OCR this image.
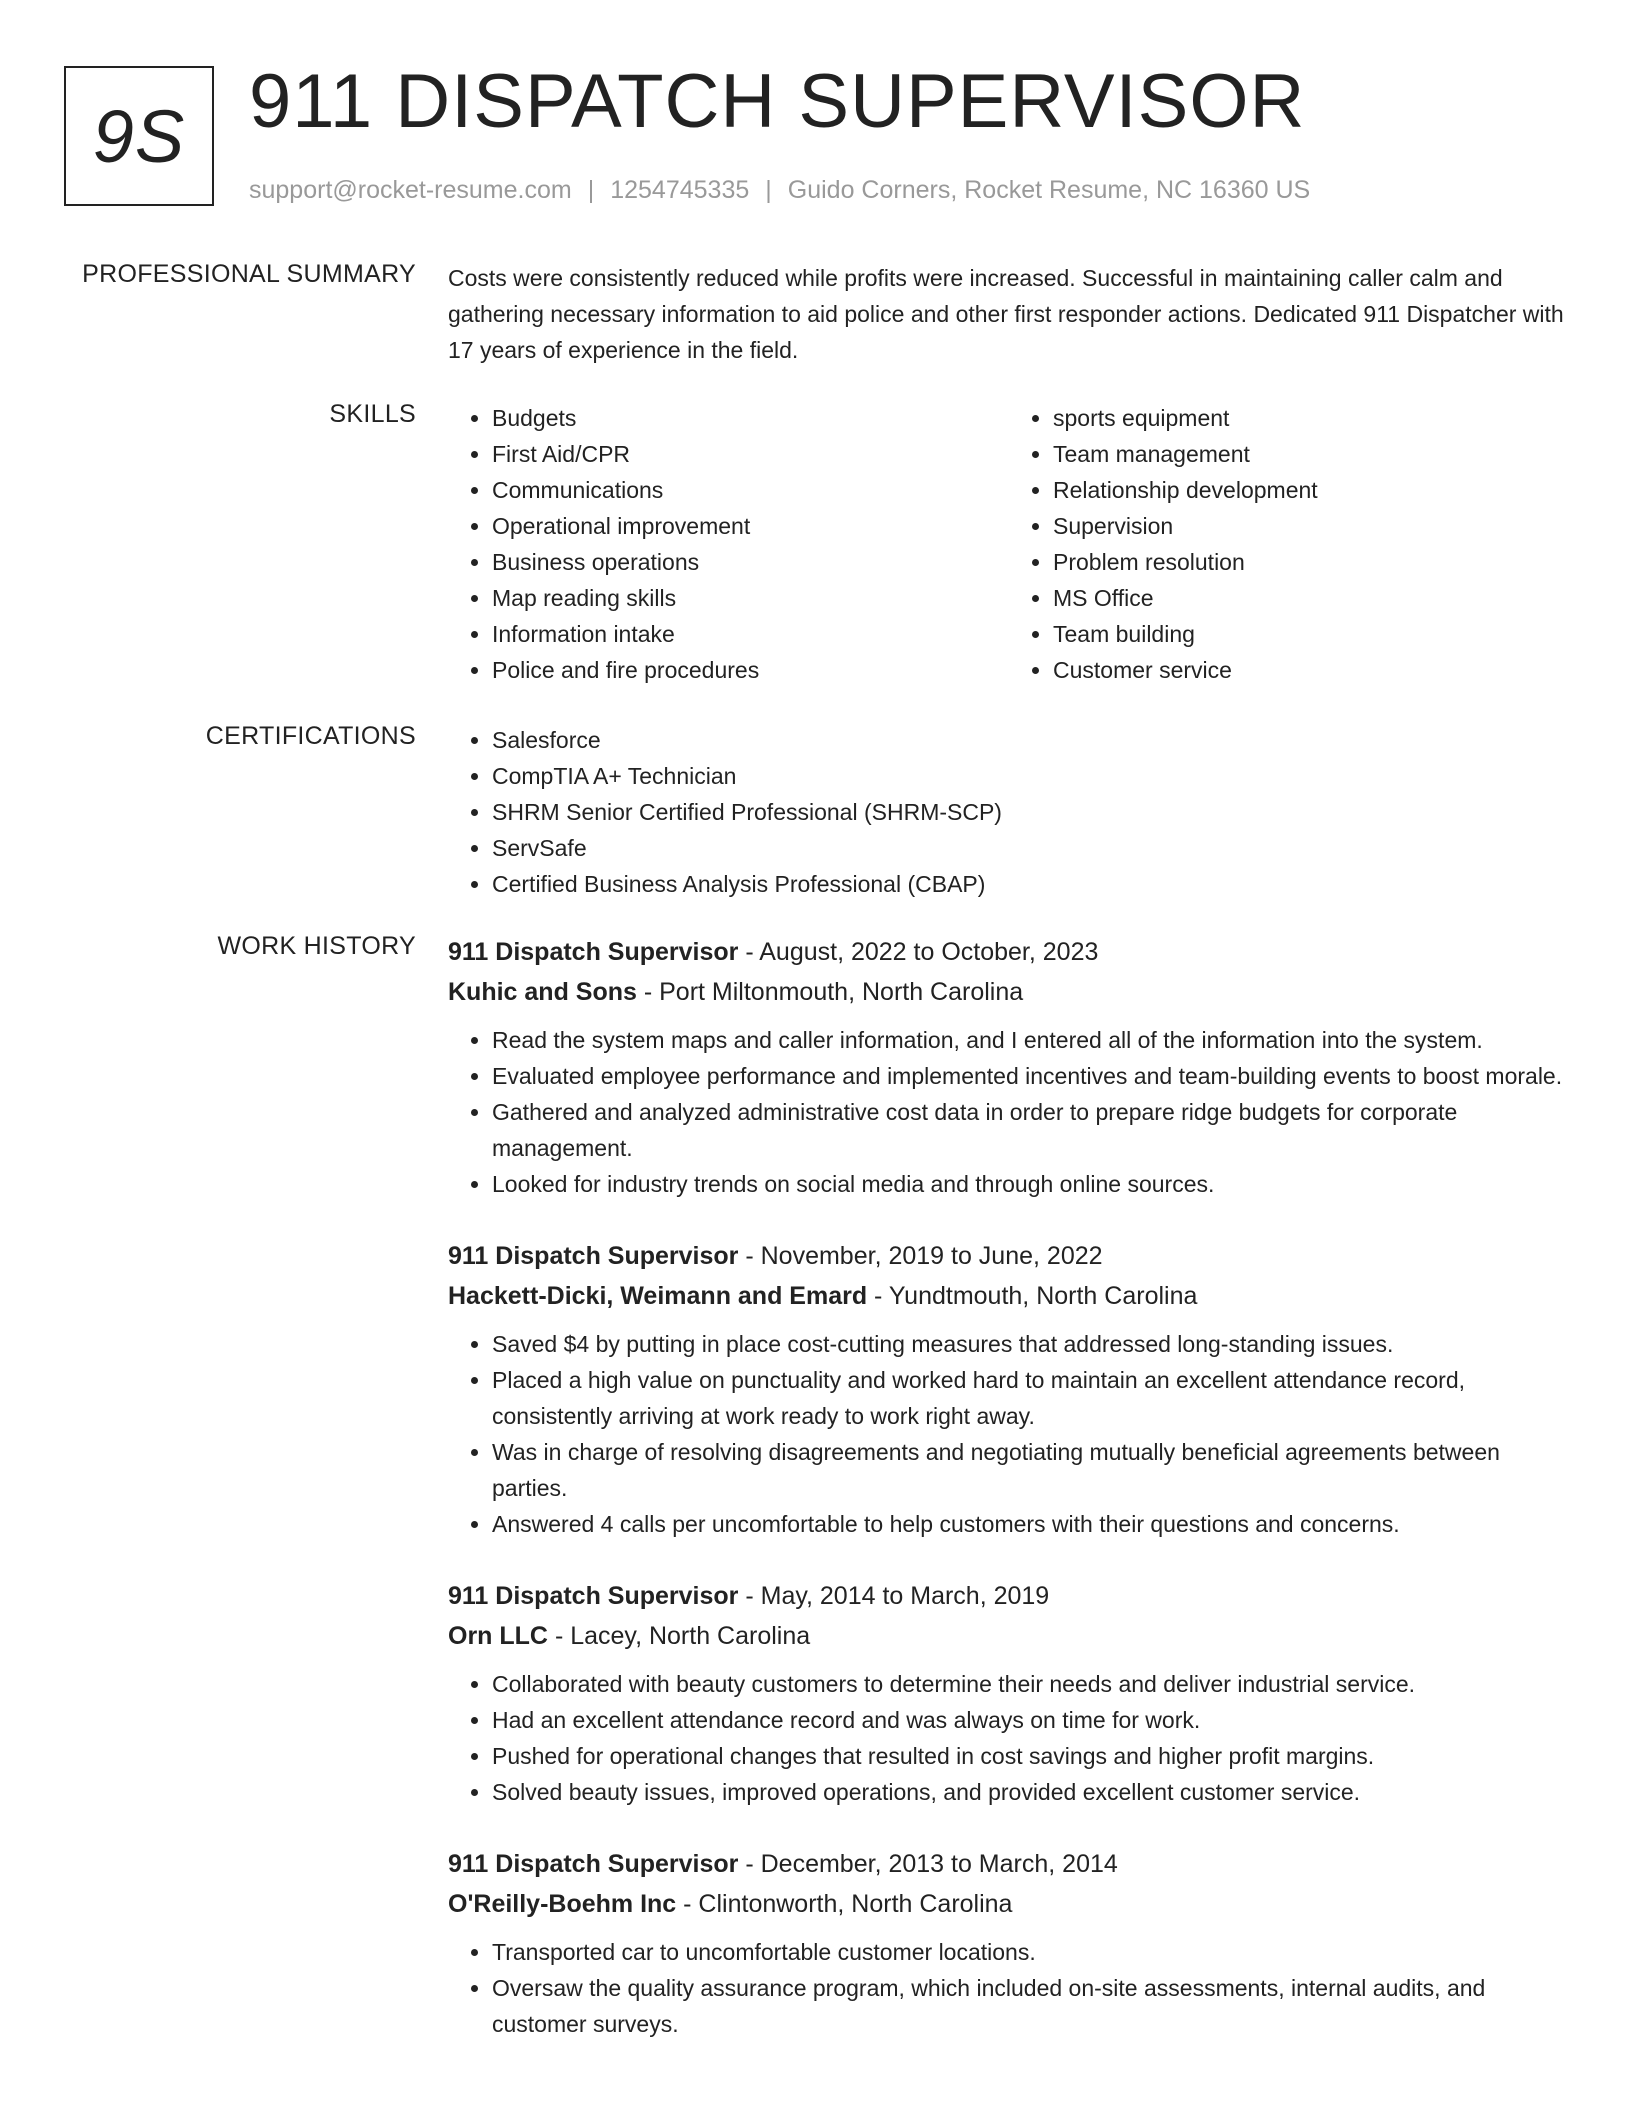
9S 911 DISPATCH SUPERVISOR
support@rocket-resume.com | 1254745335 | Guido Corners, Rocket Resume, NC 16360 US
PROFESSIONAL SUMMARY Costs were consistently reduced while profits were increased. Successful in maintaining caller calm and gathering necessary information to aid police and other first responder actions. Dedicated 911 Dispatcher with 17 years of experience in the field.

SKILLS	• Budgets
• First Aid/CPR
• Communications
• Operational improvement
• Business operations
• Map reading skills
• Information intake
• Police and fire procedures
• sports equipment
• Team management
• Relationship development
• Supervision
• Problem resolution
• MS Office
• Team building
• Customer service
CERTIFICATIONS	• Salesforce
• CompTIA A+ Technician
• SHRM Senior Certified Professional (SHRM-SCP)
• ServSafe
• Certified Business Analysis Professional (CBAP)
WORK HISTORY 911 Dispatch Supervisor - August, 2022 to October, 2023
Kuhic and Sons - Port Miltonmouth, North Carolina
• Read the system maps and caller information, and I entered all of the information into the system.
• Evaluated employee performance and implemented incentives and team-building events to boost morale.
• Gathered and analyzed administrative cost data in order to prepare ridge budgets for corporate management.
• Looked for industry trends on social media and through online sources.
911 Dispatch Supervisor - November, 2019 to June, 2022
Hackett-Dicki, Weimann and Emard - Yundtmouth, North Carolina
• Saved $4 by putting in place cost-cutting measures that addressed long-standing issues.
• Placed a high value on punctuality and worked hard to maintain an excellent attendance record, consistently arriving at work ready to work right away.
• Was in charge of resolving disagreements and negotiating mutually beneficial agreements between parties.
• Answered 4 calls per uncomfortable to help customers with their questions and concerns.
911 Dispatch Supervisor - May, 2014 to March, 2019
Orn LLC - Lacey, North Carolina
• Collaborated with beauty customers to determine their needs and deliver industrial service.
• Had an excellent attendance record and was always on time for work.
• Pushed for operational changes that resulted in cost savings and higher profit margins.
• Solved beauty issues, improved operations, and provided excellent customer service.
911 Dispatch Supervisor - December, 2013 to March, 2014
O'Reilly-Boehm Inc - Clintonworth, North Carolina
• Transported car to uncomfortable customer locations.
• Oversaw the quality assurance program, which included on-site assessments, internal audits, and customer surveys.
